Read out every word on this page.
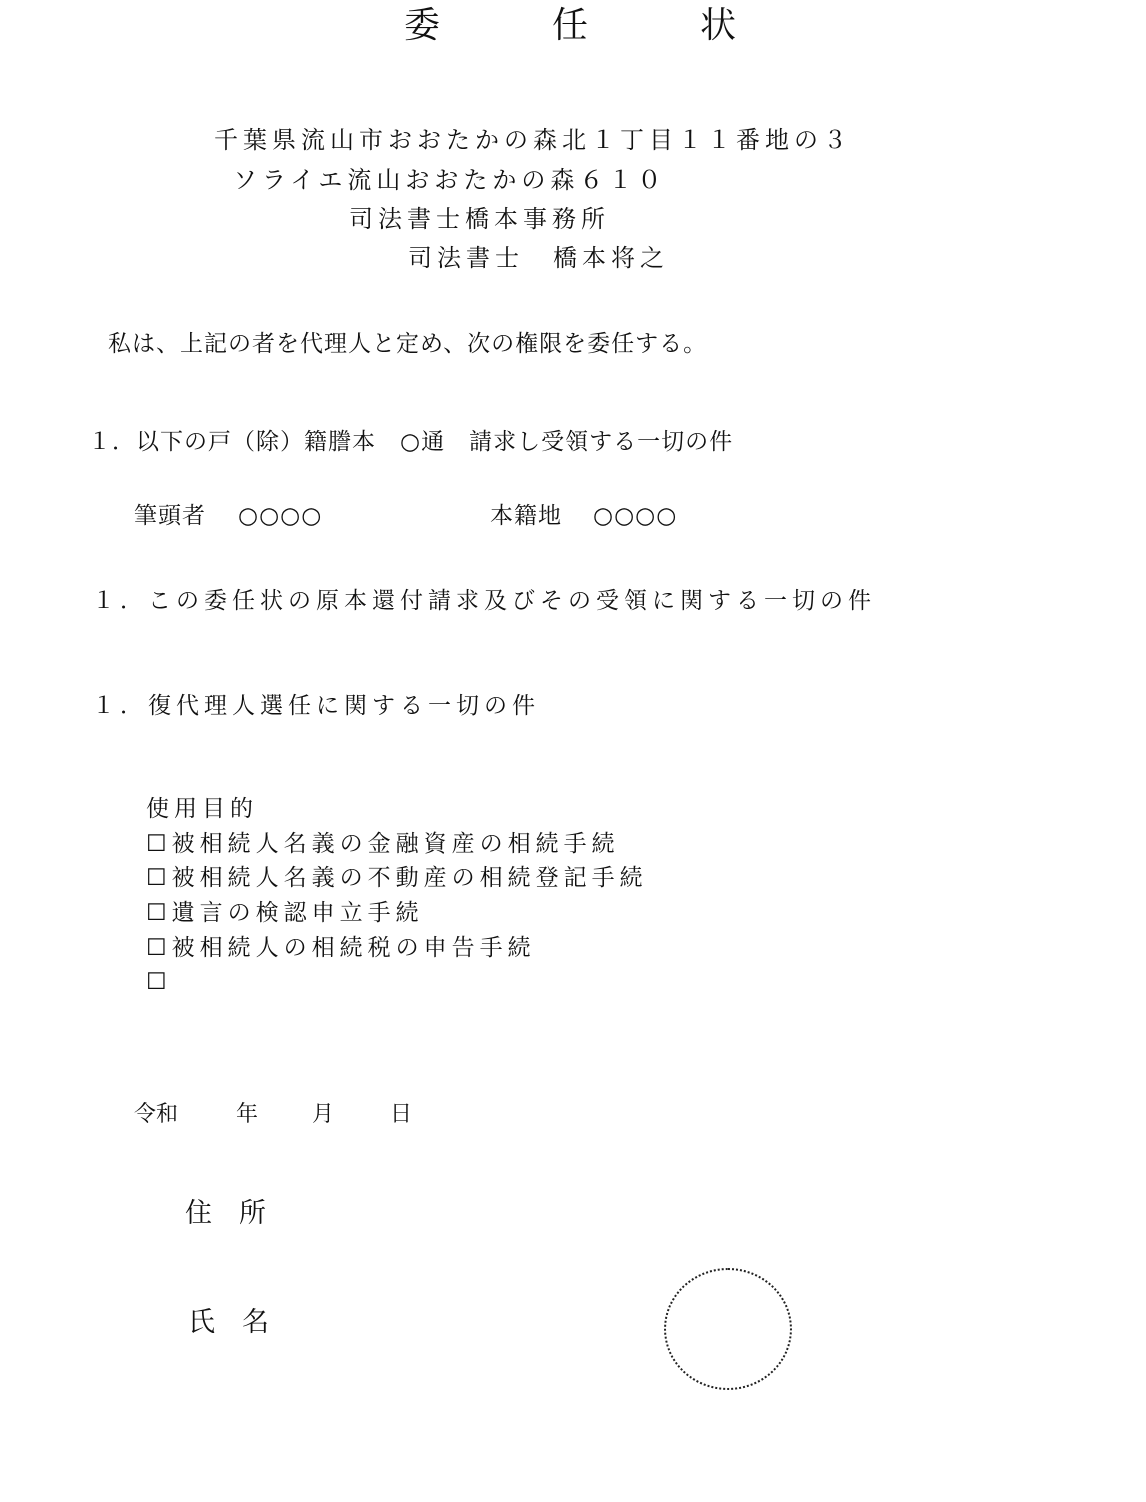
委	任	状
千葉県流山市おおたかの森北１丁目１１番地の３
ソライエ流山おおたかの森６１０
司法書士橋本事務所
司法書士　橋本将之
私は、上記の者を代理人と定め、次の権限を委任する。
１．以下の戸（除）籍謄本　○通　請求し受領する一切の件
筆頭者 ○○○○	本籍地 ○○○○
１．この委任状の原本還付請求及びその受領に関する一切の件
１．復代理人選任に関する一切の件
使用目的
☐被相続人名義の金融資産の相続手続
☐被相続人名義の不動産の相続登記手続
☐遺言の検認申立手続
☐被相続人の相続税の申告手続
☐
令和	年 月	日
住　所
氏　名
